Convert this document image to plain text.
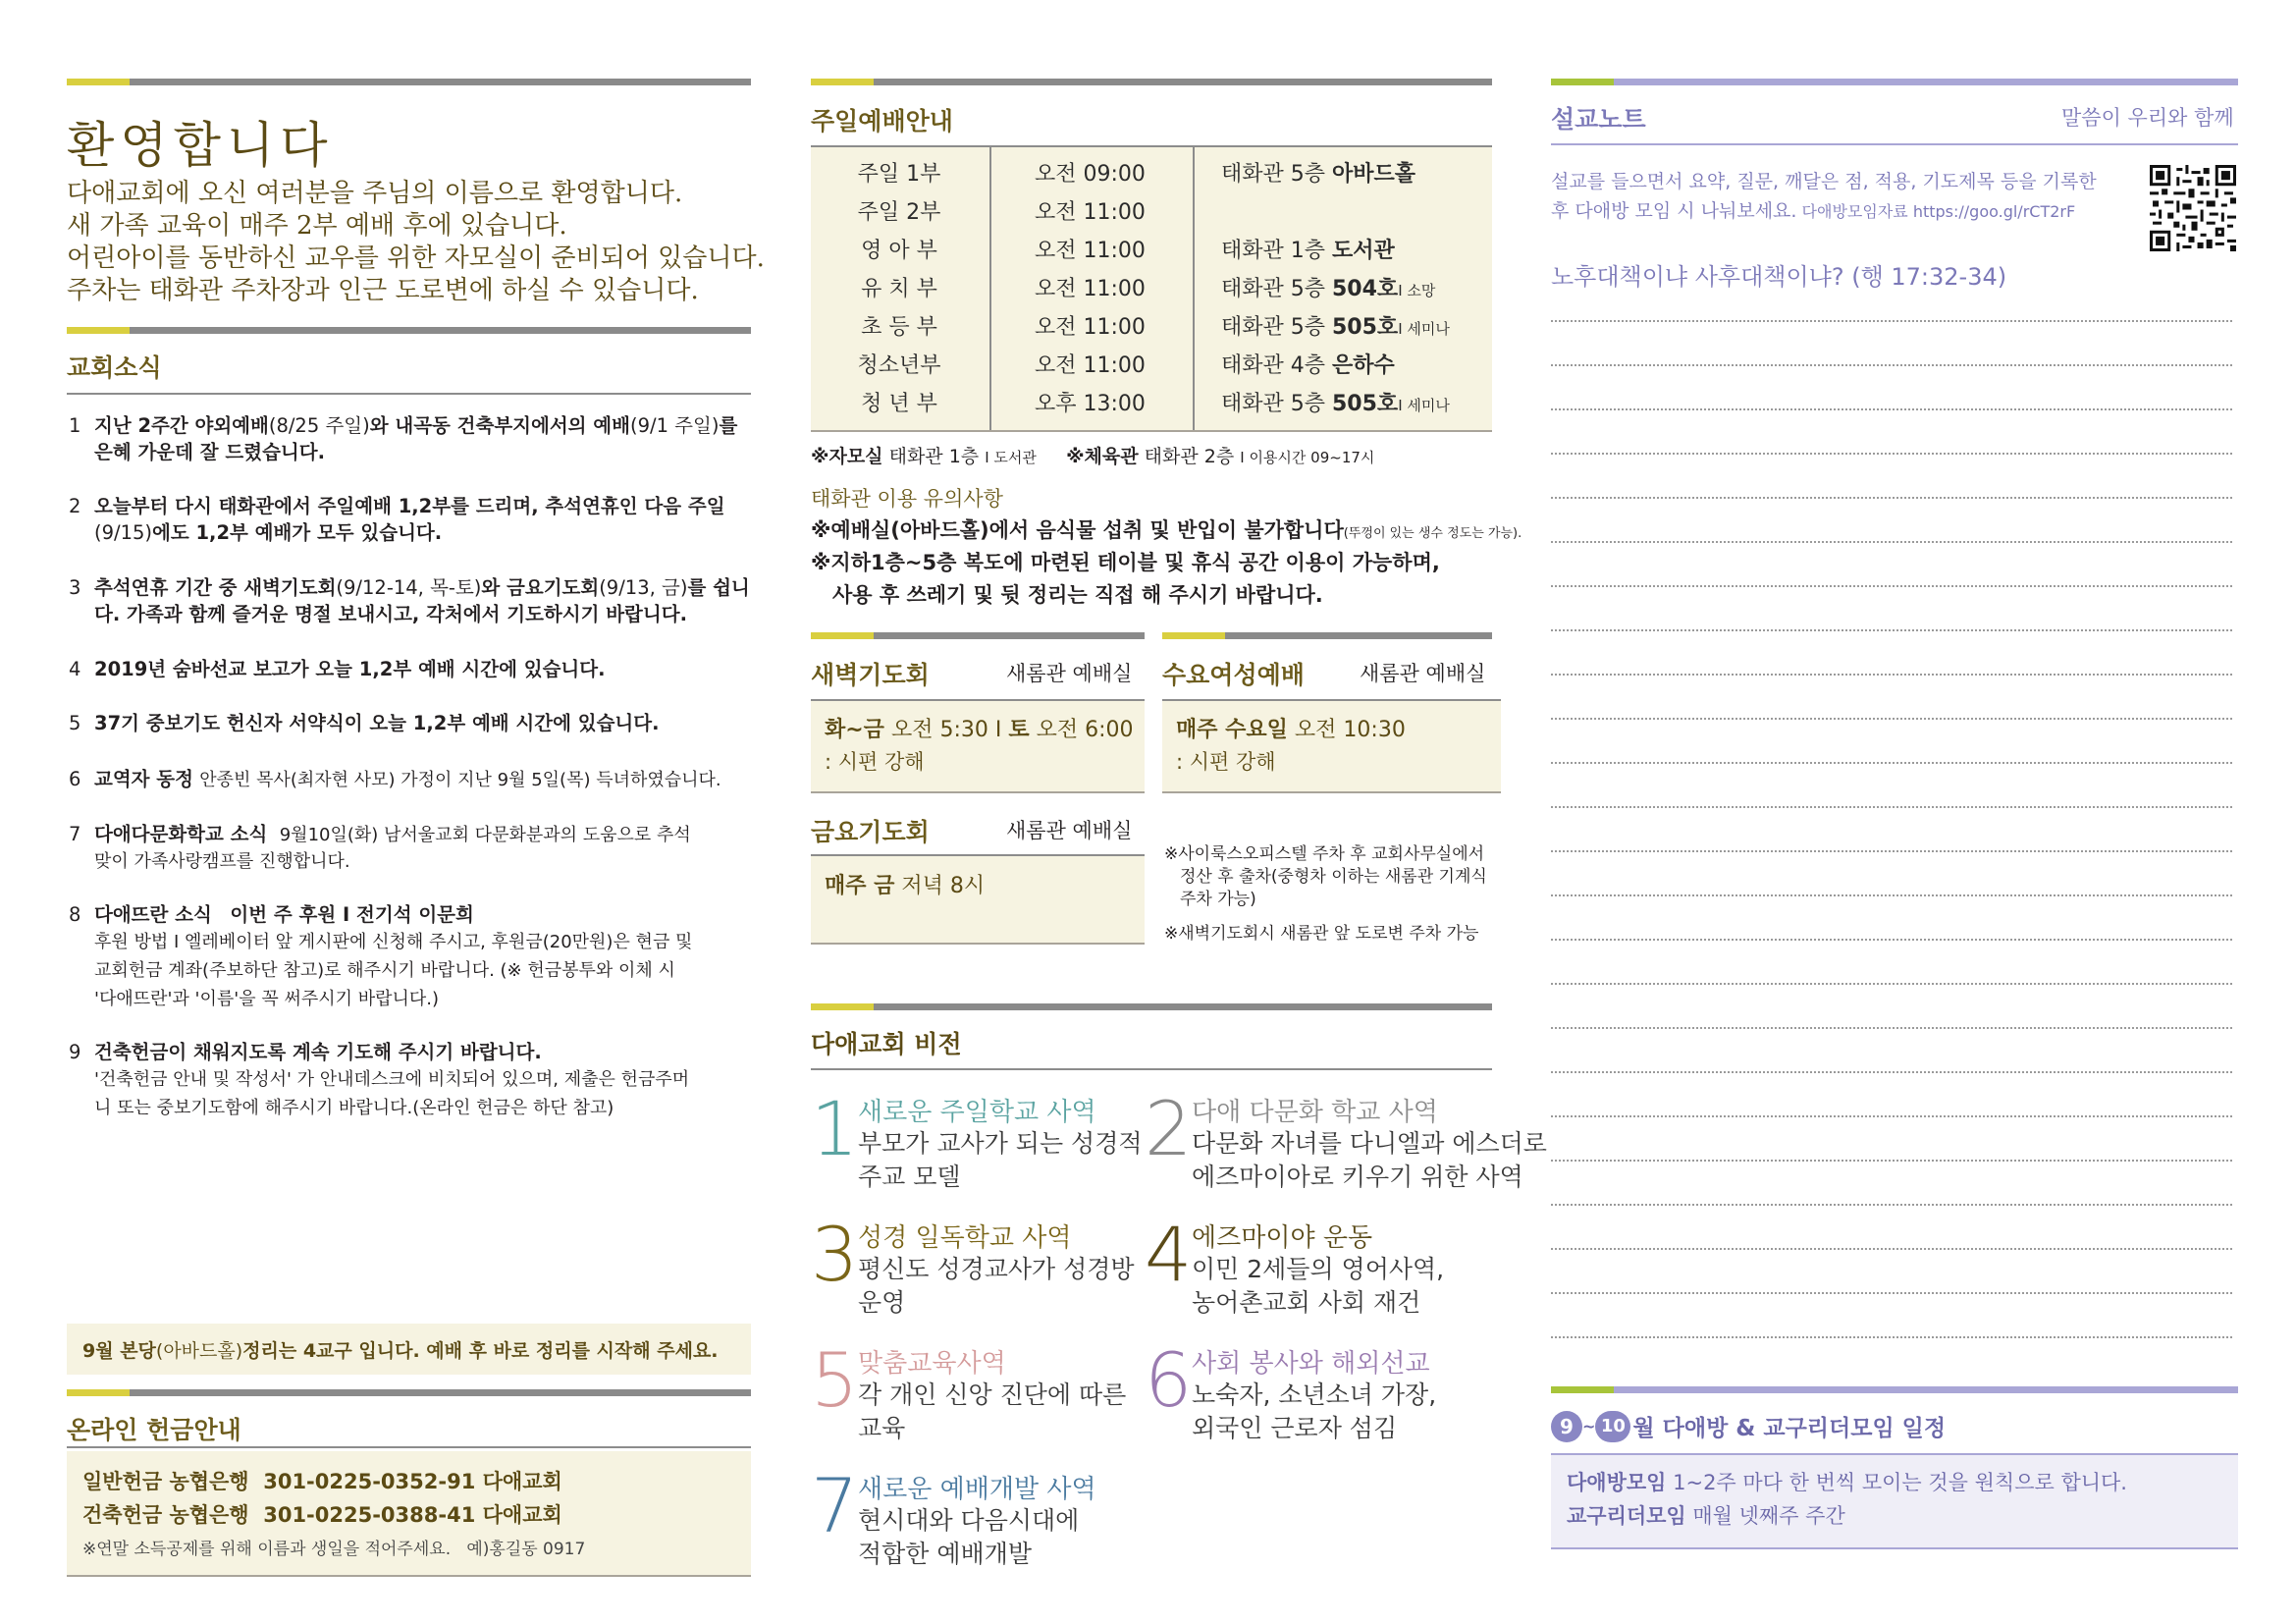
환영합니다
다애교회에 오신 여러분을 주님의 이름으로 환영합니다.
새 가족 교육이 매주 2부 예배 후에 있습니다.
어린아이를 동반하신 교우를 위한 자모실이 준비되어 있습니다.
주차는 태화관 주차장과 인근 도로변에 하실 수 있습니다.
교회소식
1 지난 2주간 야외예배(8/25 주일)와 내곡동 건축부지에서의 예배(9/1 주일)를
은혜 가운데 잘 드렸습니다.
2 오늘부터 다시 태화관에서 주일예배 1,2부를 드리며, 추석연휴인 다음 주일
(9/15)에도 1,2부 예배가 모두 있습니다.
3 추석연휴 기간 중 새벽기도회(9/12-14, 목-토)와 금요기도회(9/13, 금)를 쉽니
다. 가족과 함께 즐거운 명절 보내시고, 각처에서 기도하시기 바랍니다.
4 2019년 숨바선교 보고가 오늘 1,2부 예배 시간에 있습니다.
5 37기 중보기도 헌신자 서약식이 오늘 1,2부 예배 시간에 있습니다.
6 교역자 동정 안종빈 목사(최자현 사모) 가정이 지난 9월 5일(목) 득녀하였습니다.
7 다애다문화학교 소식 9월10일(화) 남서울교회 다문화분과의 도움으로 추석
맞이 가족사랑캠프를 진행합니다.
8 다애뜨란 소식 이번 주 후원 I 전기석 이문희
후원 방법 I 엘레베이터 앞 게시판에 신청해 주시고, 후원금(20만원)은 현금 및
교회헌금 계좌(주보하단 참고)로 해주시기 바랍니다. (※ 헌금봉투와 이체 시
'다애뜨란'과 '이름'을 꼭 써주시기 바랍니다.)
9 건축헌금이 채워지도록 계속 기도해 주시기 바랍니다.
'건축헌금 안내 및 작성서' 가 안내데스크에 비치되어 있으며, 제출은 헌금주머
니 또는 중보기도함에 해주시기 바랍니다.(온라인 헌금은 하단 참고)
9월 본당(아바드홀)정리는 4교구 입니다. 예배 후 바로 정리를 시작해 주세요.
온라인 헌금안내
일반헌금 농협은행  301-0225-0352-91 다애교회
건축헌금 농협은행  301-0225-0388-41 다애교회
※연말 소득공제를 위해 이름과 생일을 적어주세요.   예)홍길동 0917
주일예배안내
주일 1부	오전 09:00	태화관 5층 아바드홀
주일 2부	오전 11:00
영 아 부	오전 11:00	태화관 1층 도서관
유 치 부	오전 11:00	태화관 5층 504호I 소망
초 등 부	오전 11:00	태화관 5층 505호I 세미나
청소년부	오전 11:00	태화관 4층 은하수
청 년 부	오후 13:00	태화관 5층 505호I 세미나
※자모실 태화관 1층 I 도서관 ※체육관 태화관 2층 I 이용시간 09~17시
태화관 이용 유의사항
※예배실(아바드홀)에서 음식물 섭취 및 반입이 불가합니다(뚜껑이 있는 생수 정도는 가능).
※지하1층~5층 복도에 마련된 테이블 및 휴식 공간 이용이 가능하며,
사용 후 쓰레기 및 뒷 정리는 직접 해 주시기 바랍니다.
새벽기도회	새롬관 예배실
화~금 오전 5:30 I 토 오전 6:00
: 시편 강해
수요여성예배	새롬관 예배실
매주 수요일 오전 10:30
: 시편 강해
금요기도회	새롬관 예배실
매주 금 저녁 8시
※사이룩스오피스텔 주차 후 교회사무실에서
정산 후 출차(중형차 이하는 새롬관 기계식
주차 가능)
※새벽기도회시 새롬관 앞 도로변 주차 가능
다애교회 비전
1 새로운 주일학교 사역
부모가 교사가 되는 성경적
주교 모델
2 다애 다문화 학교 사역
다문화 자녀를 다니엘과 에스더로
에즈마이아로 키우기 위한 사역
3 성경 일독학교 사역
평신도 성경교사가 성경방
운영
4 에즈마이야 운동
이민 2세들의 영어사역,
농어촌교회 사회 재건
5 맞춤교육사역
각 개인 신앙 진단에 따른
교육
6 사회 봉사와 해외선교
노숙자, 소년소녀 가장,
외국인 근로자 섬김
7 새로운 예배개발 사역
현시대와 다음시대에
적합한 예배개발
설교노트	말씀이 우리와 함께
설교를 들으면서 요약, 질문, 깨달은 점, 적용, 기도제목 등을 기록한
후 다애방 모임 시 나눠보세요. 다애방모임자료 https://goo.gl/rCT2rF
노후대책이냐 사후대책이냐? (행 17:32-34)
9 ~ 10 월 다애방 & 교구리더모임 일정
다애방모임 1~2주 마다 한 번씩 모이는 것을 원칙으로 합니다.
교구리더모임 매월 넷째주 주간
